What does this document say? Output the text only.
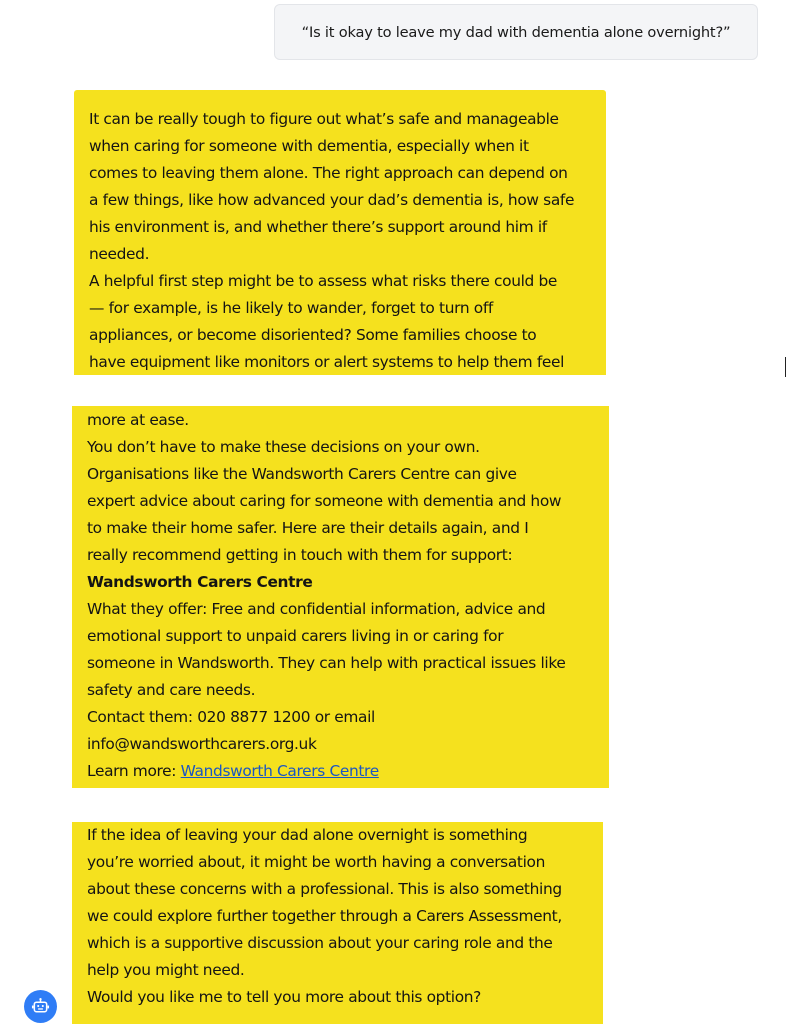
“Is it okay to leave my dad with dementia alone overnight?”
It can be really tough to figure out what’s safe and manageable
when caring for someone with dementia, especially when it
comes to leaving them alone. The right approach can depend on
a few things, like how advanced your dad’s dementia is, how safe
his environment is, and whether there’s support around him if
needed.
A helpful first step might be to assess what risks there could be
— for example, is he likely to wander, forget to turn off
appliances, or become disoriented? Some families choose to
have equipment like monitors or alert systems to help them feel
more at ease.
You don’t have to make these decisions on your own.
Organisations like the Wandsworth Carers Centre can give
expert advice about caring for someone with dementia and how
to make their home safer. Here are their details again, and I
really recommend getting in touch with them for support:
Wandsworth Carers Centre
What they offer: Free and confidential information, advice and
emotional support to unpaid carers living in or caring for
someone in Wandsworth. They can help with practical issues like
safety and care needs.
Contact them: 020 8877 1200 or email
info@wandsworthcarers.org.uk
Learn more: Wandsworth Carers Centre
If the idea of leaving your dad alone overnight is something
you’re worried about, it might be worth having a conversation
about these concerns with a professional. This is also something
we could explore further together through a Carers Assessment,
which is a supportive discussion about your caring role and the
help you might need.
Would you like me to tell you more about this option?
